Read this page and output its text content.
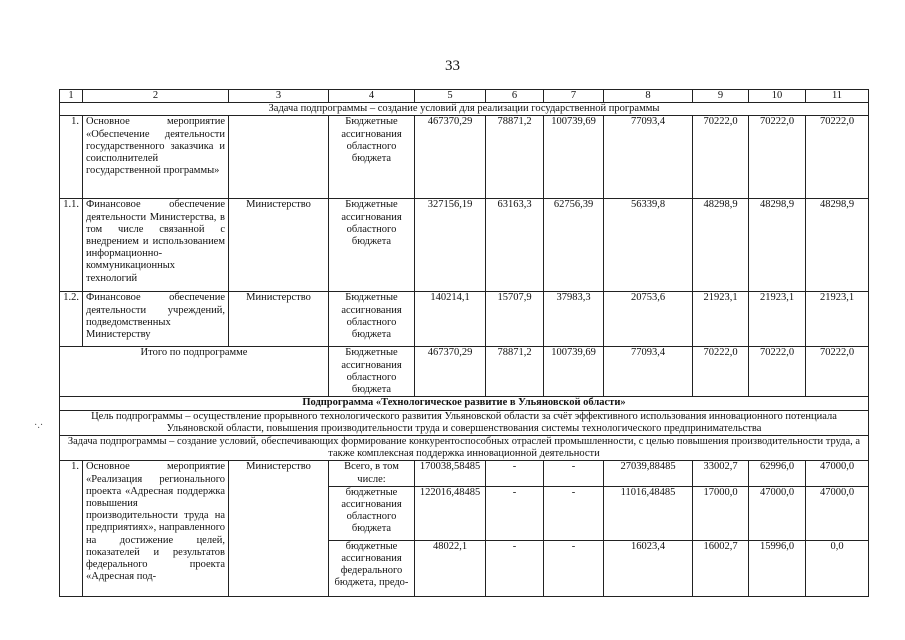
33
·.·
1	2	3	4	5	6	7	8	9	10	11
Задача подпрограммы – создание условий для реализации государственной программы										
1.	Основное мероприятие «Обеспечение деятельности государственного заказчика и соисполнителей государственной программы»		Бюджетные ассигнования областного бюджета	467370,29	78871,2	100739,69	77093,4	70222,0	70222,0	70222,0
1.1.	Финансовое обеспечение деятельности Министерства, в том числе связанной с внедрением и использованием информационно-коммуникационных технологий	Министерство	Бюджетные ассигнования областного бюджета	327156,19	63163,3	62756,39	56339,8	48298,9	48298,9	48298,9
1.2.	Финансовое обеспечение деятельности учреждений, подведомственных Министерству	Министерство	Бюджетные ассигнования областного бюджета	140214,1	15707,9	37983,3	20753,6	21923,1	21923,1	21923,1
Итого по подпрограмме			Бюджетные ассигнования областного бюджета	467370,29	78871,2	100739,69	77093,4	70222,0	70222,0	70222,0
Подпрограмма «Технологическое развитие в Ульяновской области»										
Цель подпрограммы – осуществление прорывного технологического развития Ульяновской области за счёт эффективного использования инновационного потенциала Ульяновской области, повышения производительности труда и совершенствования системы технологического предпринимательства										
Задача подпрограммы – создание условий, обеспечивающих формирование конкурентоспособных отраслей промышленности, с целью повышения производительности труда, а также комплексная поддержка инновационной деятельности										
1.	Основное мероприятие «Реализация регионального проекта «Адресная поддержка повышения производительности труда на предприятиях», направленного на достижение целей, показателей и результатов федерального проекта «Адресная под-	Министерство	Всего, в том числе:	170038,58485	-	-	27039,88485	33002,7	62996,0	47000,0
			бюджетные ассигнования областного бюджета	122016,48485	-	-	11016,48485	17000,0	47000,0	47000,0
			бюджетные ассигнования федерального бюджета, предо-	48022,1	-	-	16023,4	16002,7	15996,0	0,0
